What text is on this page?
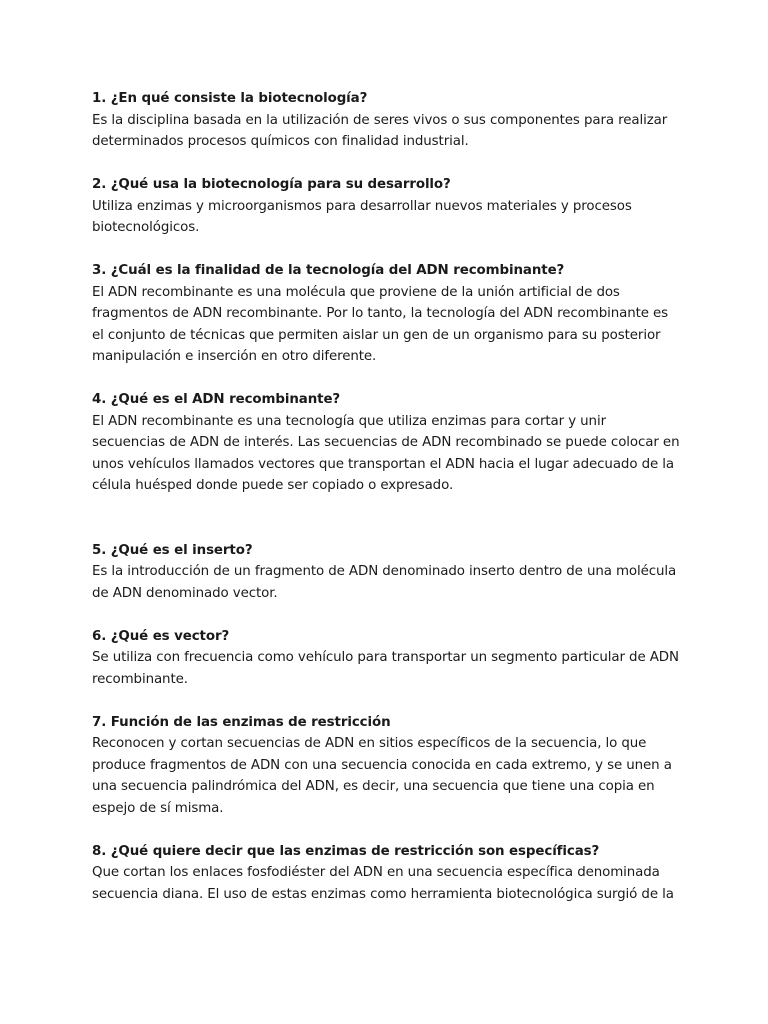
1. ¿En qué consiste la biotecnología?

Es la disciplina basada en la utilización de seres vivos o sus componentes para realizar determinados procesos químicos con finalidad industrial.

2. ¿Qué usa la biotecnología para su desarrollo?

Utiliza enzimas y microorganismos para desarrollar nuevos materiales y procesos biotecnológicos.

3. ¿Cuál es la finalidad de la tecnología del ADN recombinante?

El ADN recombinante es una molécula que proviene de la unión artificial de dos fragmentos de ADN recombinante. Por lo tanto, la tecnología del ADN recombinante es el conjunto de técnicas que permiten aislar un gen de un organismo para su posterior manipulación e inserción en otro diferente.

4. ¿Qué es el ADN recombinante?

El ADN recombinante es una tecnología que utiliza enzimas para cortar y unir secuencias de ADN de interés. Las secuencias de ADN recombinado se puede colocar en unos vehículos llamados vectores que transportan el ADN hacia el lugar adecuado de la célula huésped donde puede ser copiado o expresado.

5. ¿Qué es el inserto?

Es la introducción de un fragmento de ADN denominado inserto dentro de una molécula de ADN denominado vector.

6. ¿Qué es vector?

Se utiliza con frecuencia como vehículo para transportar un segmento particular de ADN recombinante.

7. Función de las enzimas de restricción

Reconocen y cortan secuencias de ADN en sitios específicos de la secuencia, lo que produce fragmentos de ADN con una secuencia conocida en cada extremo, y se unen a una secuencia palindrómica del ADN, es decir, una secuencia que tiene una copia en espejo de sí misma.

8. ¿Qué quiere decir que las enzimas de restricción son específicas?

Que cortan los enlaces fosfodiéster del ADN en una secuencia específica denominada secuencia diana. El uso de estas enzimas como herramienta biotecnológica surgió de la
